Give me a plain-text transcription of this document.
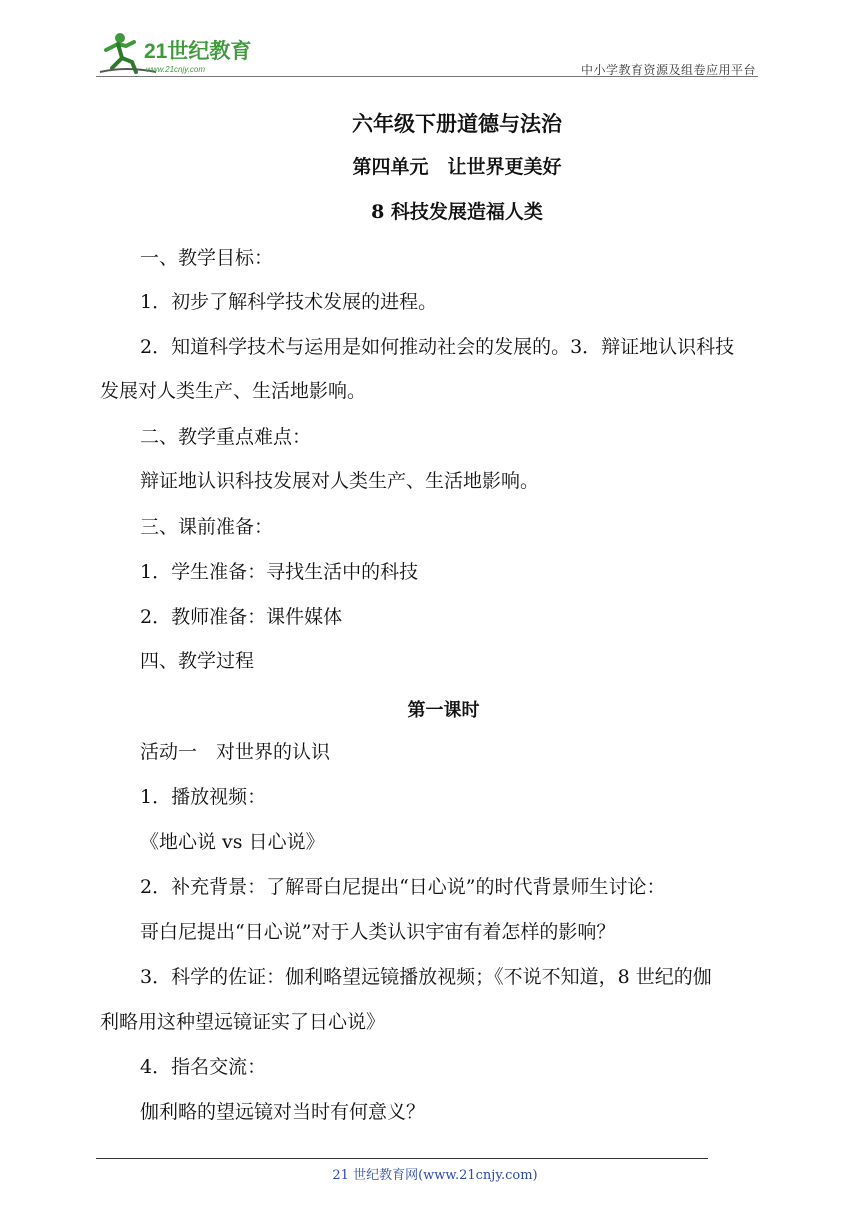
21世纪教育
www.21cnjy.com	中小学教育资源及组卷应用平台
六年级下册道德与法治
第四单元　让世界更美好
8 科技发展造福人类
一、教学目标：
1．初步了解科学技术发展的进程。
2．知道科学技术与运用是如何推动社会的发展的。3．辩证地认识科技
发展对人类生产、生活地影响。
二、教学重点难点：
辩证地认识科技发展对人类生产、生活地影响。
三、课前准备：
1．学生准备：寻找生活中的科技
2．教师准备：课件媒体
四、教学过程
第一课时
活动一　对世界的认识
1．播放视频：
《地心说 vs 日心说》
2．补充背景：了解哥白尼提出“日心说”的时代背景师生讨论：
哥白尼提出“日心说”对于人类认识宇宙有着怎样的影响？
3．科学的佐证：伽利略望远镜播放视频；《不说不知道，8 世纪的伽
利略用这种望远镜证实了日心说》
4．指名交流：
伽利略的望远镜对当时有何意义？
21 世纪教育网(www.21cnjy.com)
